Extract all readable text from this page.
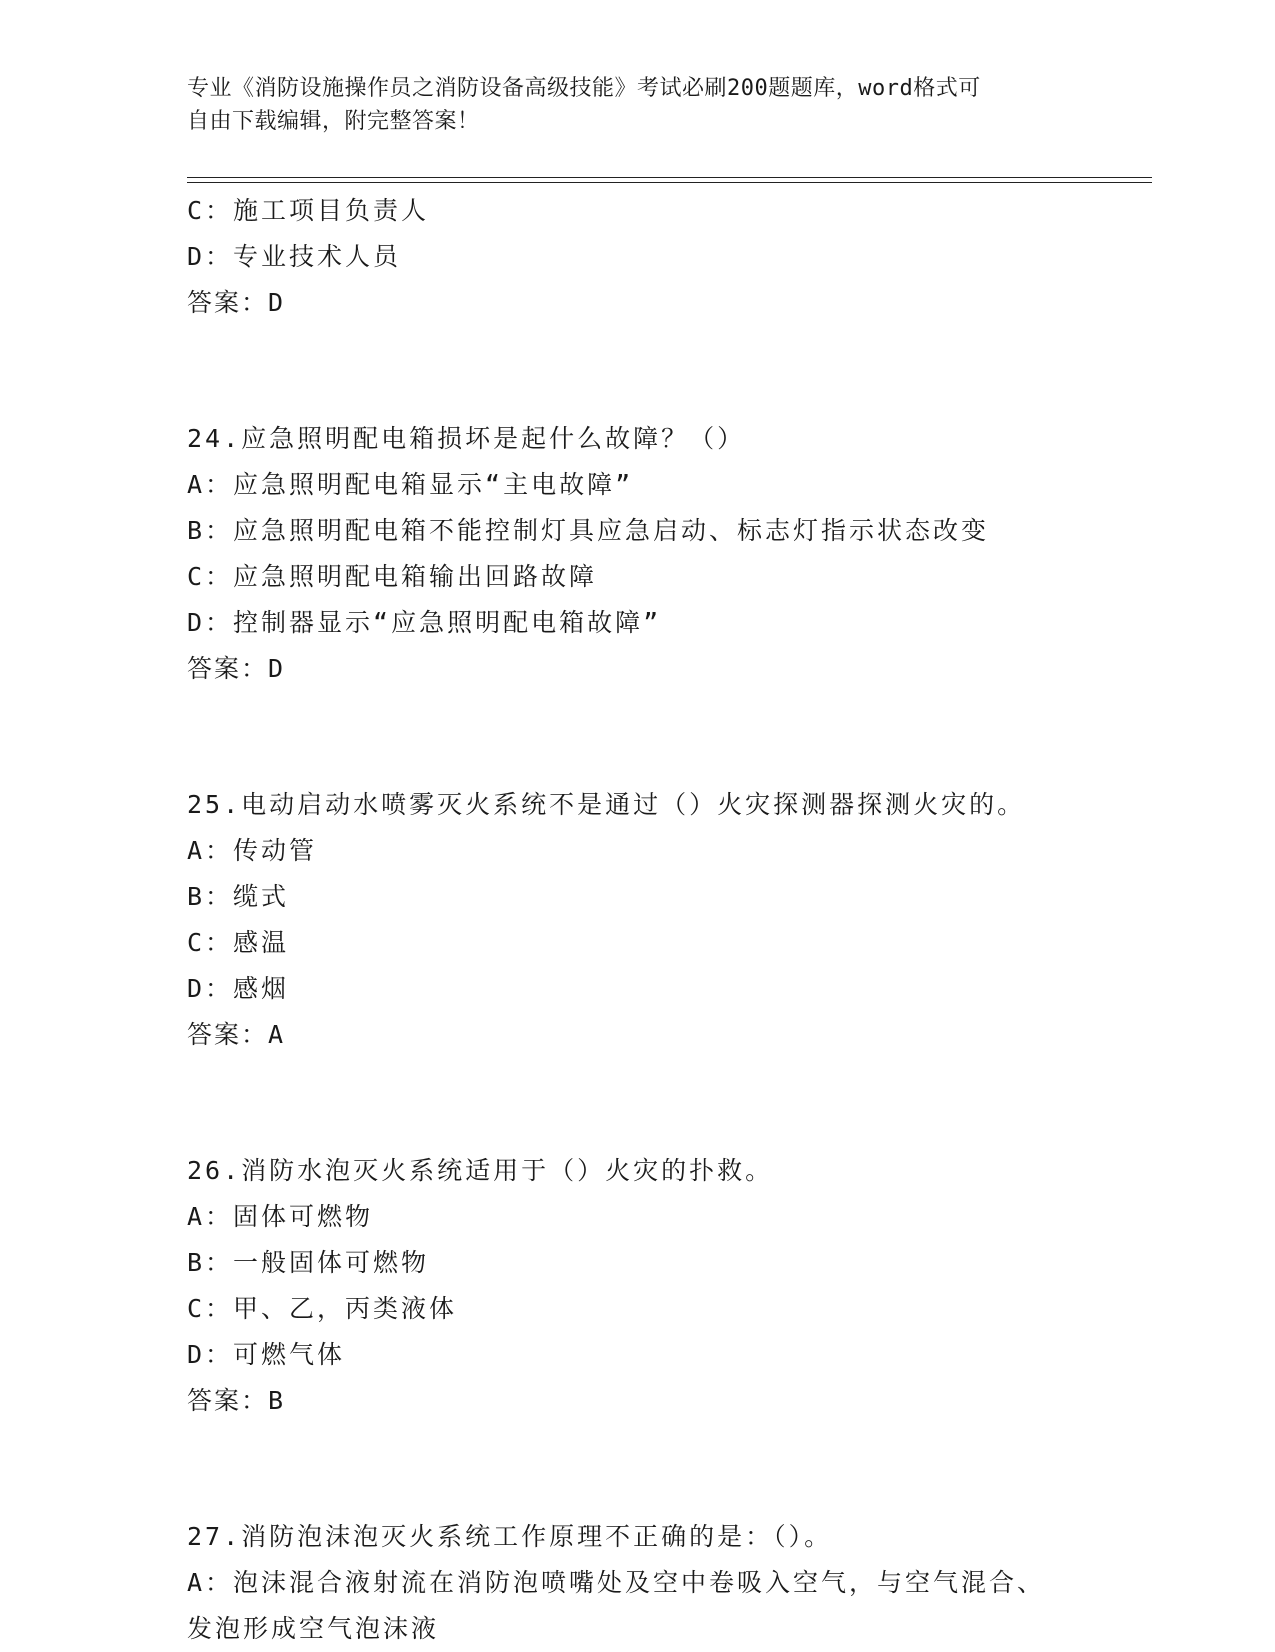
专业《消防设施操作员之消防设备高级技能》考试必刷200题题库，word格式可
自由下载编辑，附完整答案！
C：施工项目负责人
D：专业技术人员
答案：D
24.应急照明配电箱损坏是起什么故障？（）
A：应急照明配电箱显示“主电故障”
B：应急照明配电箱不能控制灯具应急启动、标志灯指示状态改变
C：应急照明配电箱输出回路故障
D：控制器显示“应急照明配电箱故障”
答案：D
25.电动启动水喷雾灭火系统不是通过（）火灾探测器探测火灾的。
A：传动管
B：缆式
C：感温
D：感烟
答案：A
26.消防水泡灭火系统适用于（）火灾的扑救。
A：固体可燃物
B：一般固体可燃物
C：甲、乙，丙类液体
D：可燃气体
答案：B
27.消防泡沫泡灭火系统工作原理不正确的是：（）。
A：泡沫混合液射流在消防泡喷嘴处及空中卷吸入空气，与空气混合、
发泡形成空气泡沫液
